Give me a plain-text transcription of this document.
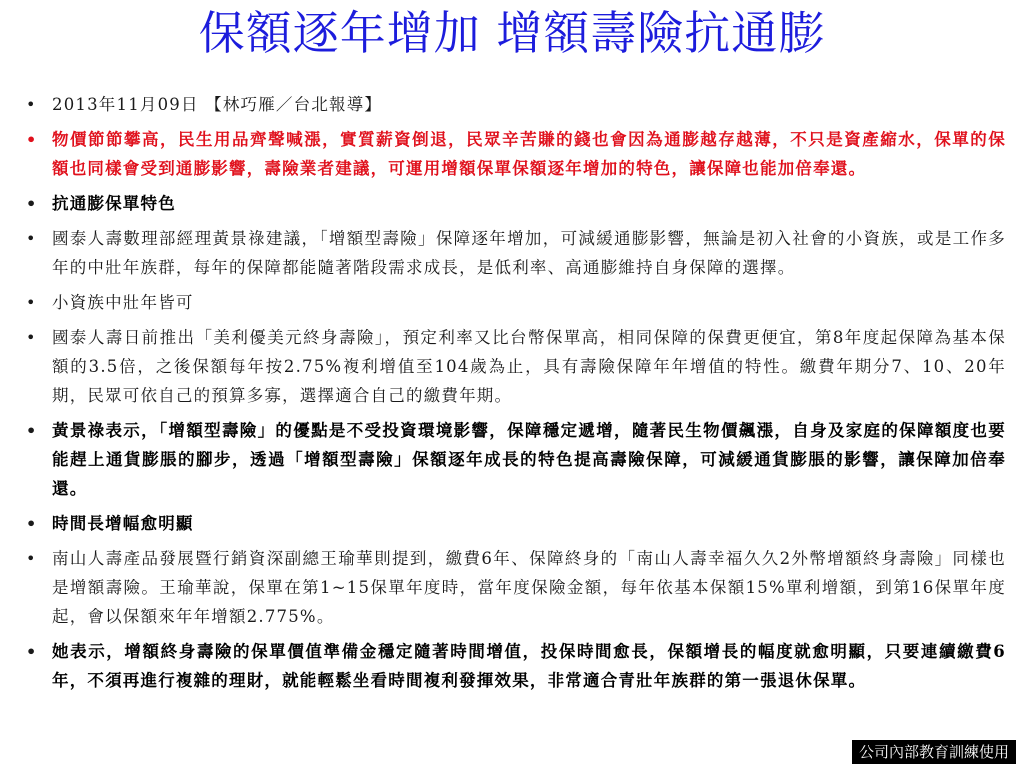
保額逐年增加 增額壽險抗通膨
• 2013年11月09日 【林巧雁／台北報導】
• 物價節節攀高，民生用品齊聲喊漲，實質薪資倒退，民眾辛苦賺的錢也會因為通膨越存越薄，不只是資產縮水，保單的保額也同樣會受到通膨影響，壽險業者建議，可運用增額保單保額逐年增加的特色，讓保障也能加倍奉還。
• 抗通膨保單特色
• 國泰人壽數理部經理黃景祿建議，「增額型壽險」保障逐年增加，可減緩通膨影響，無論是初入社會的小資族，或是工作多年的中壯年族群，每年的保障都能隨著階段需求成長，是低利率、高通膨維持自身保障的選擇。
• 小資族中壯年皆可
• 國泰人壽日前推出「美利優美元終身壽險」，預定利率又比台幣保單高，相同保障的保費更便宜，第8年度起保障為基本保額的3.5倍，之後保額每年按2.75%複利增值至104歲為止，具有壽險保障年年增值的特性。繳費年期分7、10、20年期，民眾可依自己的預算多寡，選擇適合自己的繳費年期。
• 黃景祿表示，「增額型壽險」的優點是不受投資環境影響，保障穩定遞增，隨著民生物價飆漲，自身及家庭的保障額度也要能趕上通貨膨脹的腳步，透過「增額型壽險」保額逐年成長的特色提高壽險保障，可減緩通貨膨脹的影響，讓保障加倍奉還。
• 時間長增幅愈明顯
• 南山人壽產品發展暨行銷資深副總王瑜華則提到，繳費6年、保障終身的「南山人壽幸福久久2外幣增額終身壽險」同樣也是增額壽險。王瑜華說，保單在第1~15保單年度時，當年度保險金額，每年依基本保額15%單利增額，到第16保單年度起，會以保額來年年增額2.775%。
• 她表示，增額終身壽險的保單價值準備金穩定隨著時間增值，投保時間愈長，保額增長的幅度就愈明顯，只要連續繳費6年，不須再進行複雜的理財，就能輕鬆坐看時間複利發揮效果，非常適合青壯年族群的第一張退休保單。
公司內部教育訓練使用
